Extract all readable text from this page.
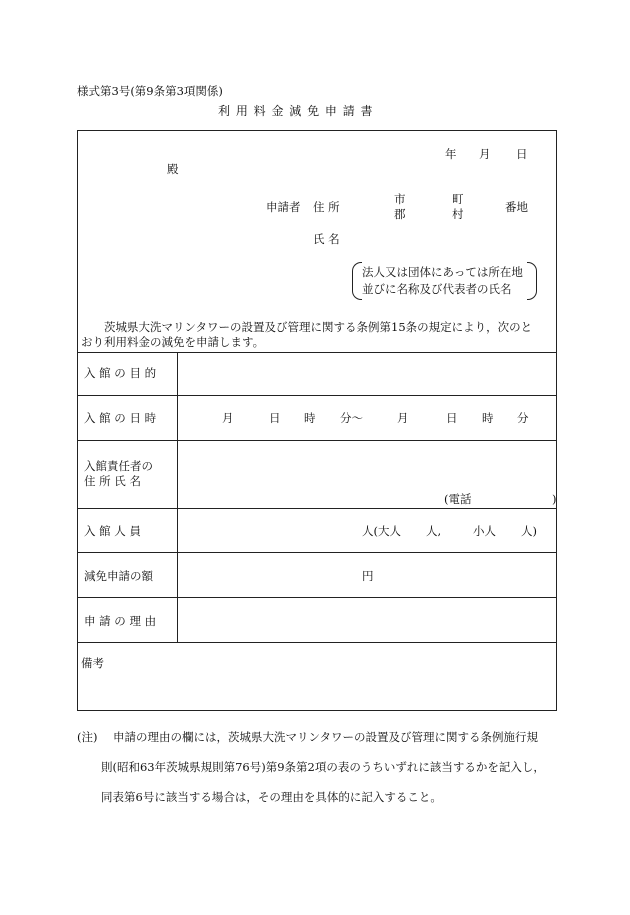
様式第3号(第9条第3項関係)
利 用 料 金 減 免 申 請 書
年 月 日
殿
申請者 住 所
市
郡
町
村	番地
氏 名
法人又は団体にあっては所在地
並びに名称及び代表者の氏名
茨城県大洗マリンタワーの設置及び管理に関する条例第15条の規定により，次のと
おり利用料金の減免を申請します。
入 館 の 目 的
入 館 の 日 時	月	日 時 分〜	月	日 時 分
入館責任者の
住 所 氏 名
(電話　　　　　　　)
入 館 人 員	人(大人 人,	小人 人)
減免申請の額	円
申 請 の 理 由
備考
(注) 申請の理由の欄には，茨城県大洗マリンタワーの設置及び管理に関する条例施行規
則(昭和63年茨城県規則第76号)第9条第2項の表のうちいずれに該当するかを記入し，
同表第6号に該当する場合は，その理由を具体的に記入すること。
